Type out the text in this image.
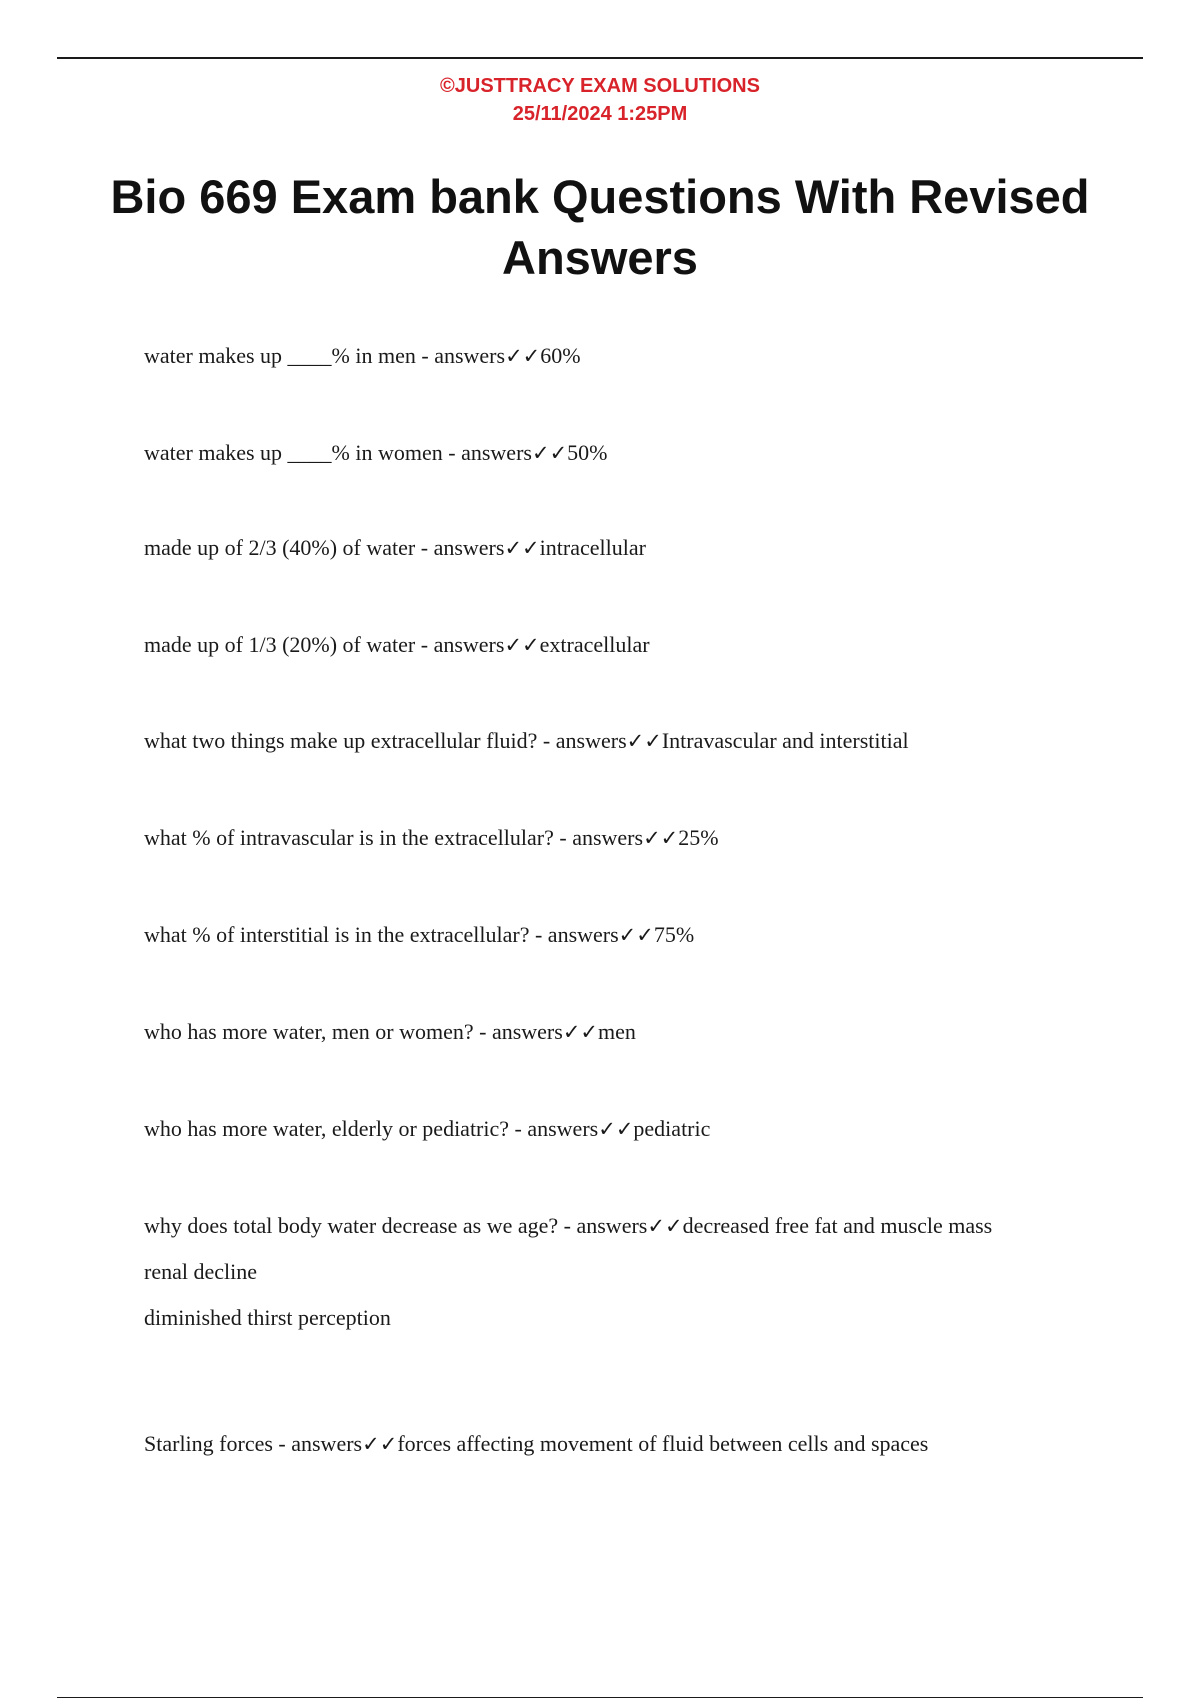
©JUSTTRACY EXAM SOLUTIONS
25/11/2024 1:25PM
Bio 669 Exam bank Questions With Revised Answers
water makes up ____% in men - answers✓✓60%
water makes up ____% in women - answers✓✓50%
made up of 2/3 (40%) of water - answers✓✓intracellular
made up of 1/3 (20%) of water - answers✓✓extracellular
what two things make up extracellular fluid? - answers✓✓Intravascular and interstitial
what % of intravascular is in the extracellular? - answers✓✓25%
what % of interstitial is in the extracellular? - answers✓✓75%
who has more water, men or women? - answers✓✓men
who has more water, elderly or pediatric? - answers✓✓pediatric
why does total body water decrease as we age? - answers✓✓decreased free fat and muscle mass
renal decline
diminished thirst perception
Starling forces - answers✓✓forces affecting movement of fluid between cells and spaces
